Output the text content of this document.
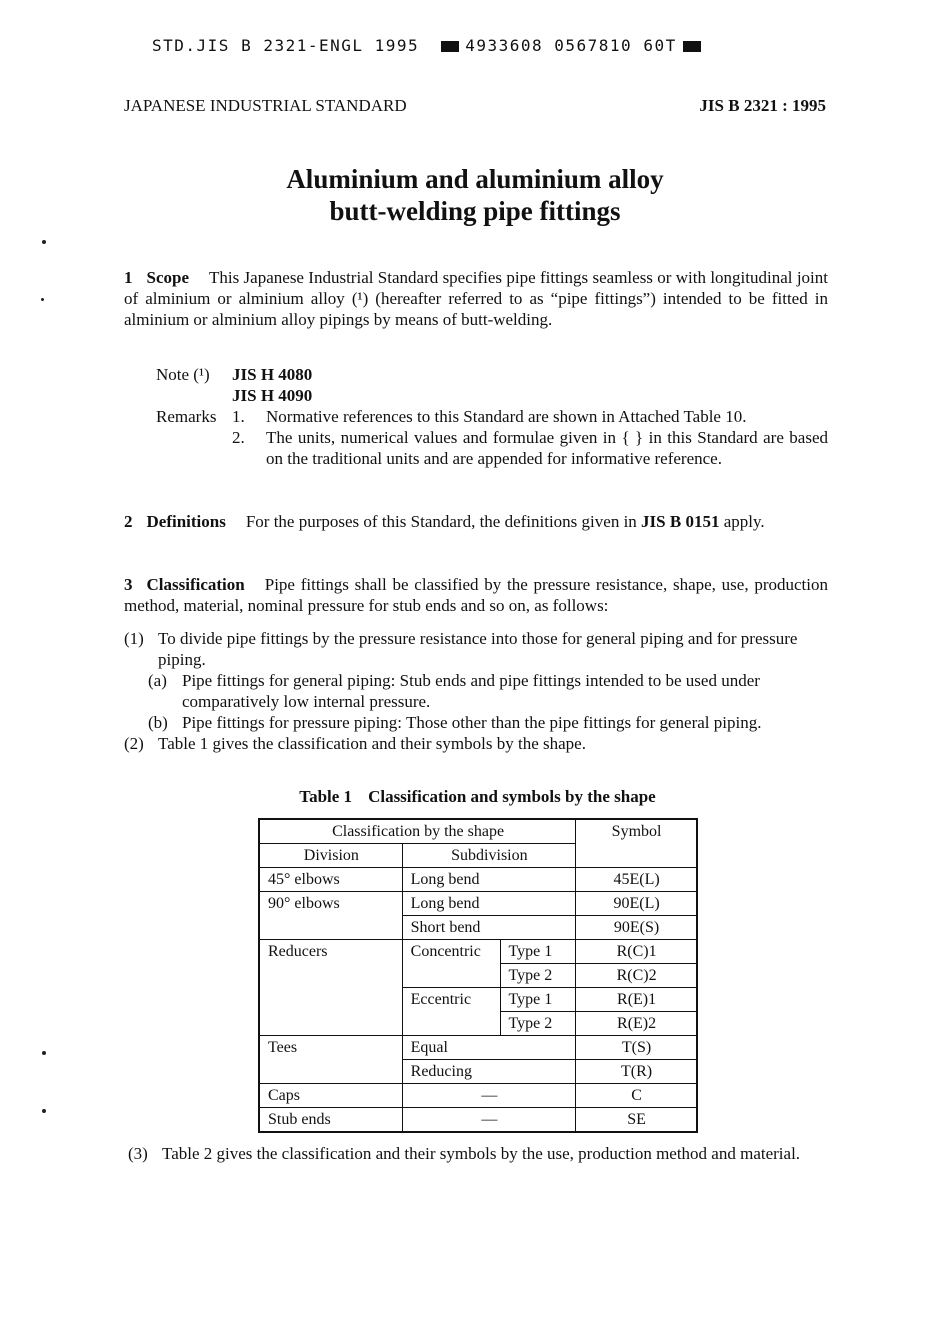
STD.JIS B 2321-ENGL 1995	4933608 0567810 60T
JAPANESE INDUSTRIAL STANDARD	JIS B 2321 : 1995
Aluminium and aluminium alloy
butt-welding pipe fittings
1 Scope This Japanese Industrial Standard specifies pipe fittings seamless or with longitudinal joint of alminium or alminium alloy (¹) (hereafter referred to as “pipe fittings”) intended to be fitted in alminium or alminium alloy pipings by means of butt-welding.
Note (¹) JIS H 4080
JIS H 4090
Remarks 1.	Normative references to this Standard are shown in Attached Table 10.
2.	The units, numerical values and formulae given in { } in this Standard are based on the traditional units and are appended for informative reference.
2 Definitions For the purposes of this Standard, the definitions given in JIS B 0151 apply.
3 Classification Pipe fittings shall be classified by the pressure resistance, shape, use, production method, material, nominal pressure for stub ends and so on, as follows:
(1) To divide pipe fittings by the pressure resistance into those for general piping and for pressure piping.
(a) Pipe fittings for general piping: Stub ends and pipe fittings intended to be used under comparatively low internal pressure.
(b) Pipe fittings for pressure piping: Those other than the pipe fittings for general piping.
(2) Table 1 gives the classification and their symbols by the shape.
Table 1 Classification and symbols by the shape
Classification by the shape			Symbol
Division	Subdivision		
45° elbows	Long bend		45E(L)
90° elbows	Long bend		90E(L)
	Short bend		90E(S)
Reducers	Concentric	Type 1	R(C)1
		Type 2	R(C)2
	Eccentric	Type 1	R(E)1
		Type 2	R(E)2
Tees	Equal		T(S)
	Reducing		T(R)
Caps	—		C
Stub ends	—		SE
(3) Table 2 gives the classification and their symbols by the use, production method and material.
